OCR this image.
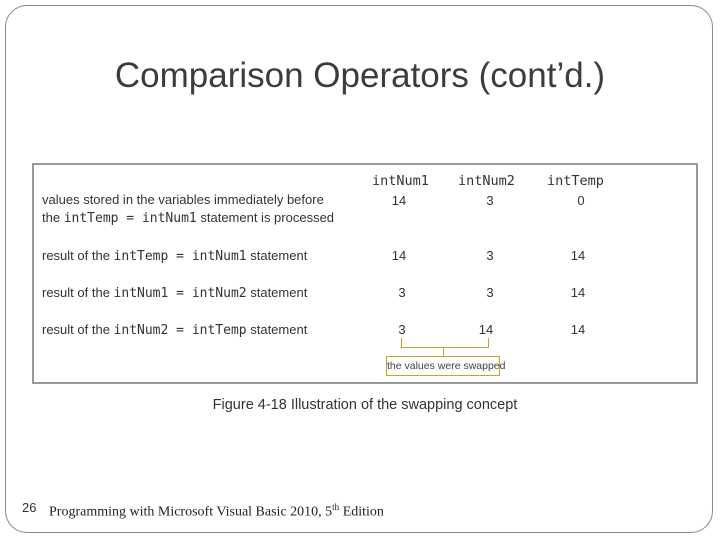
Comparison Operators (cont’d.)
intNum1 intNum2 intTemp
values stored in the variables immediately before
the intTemp = intNum1 statement is processed
14	3	0
result of the intTemp = intNum1 statement	14	3	14
result of the intNum1 = intNum2 statement	3	3	14
result of the intNum2 = intTemp statement	3	14	14
the values were swapped
Figure 4-18 Illustration of the swapping concept
26 Programming with Microsoft Visual Basic 2010, 5th Edition
